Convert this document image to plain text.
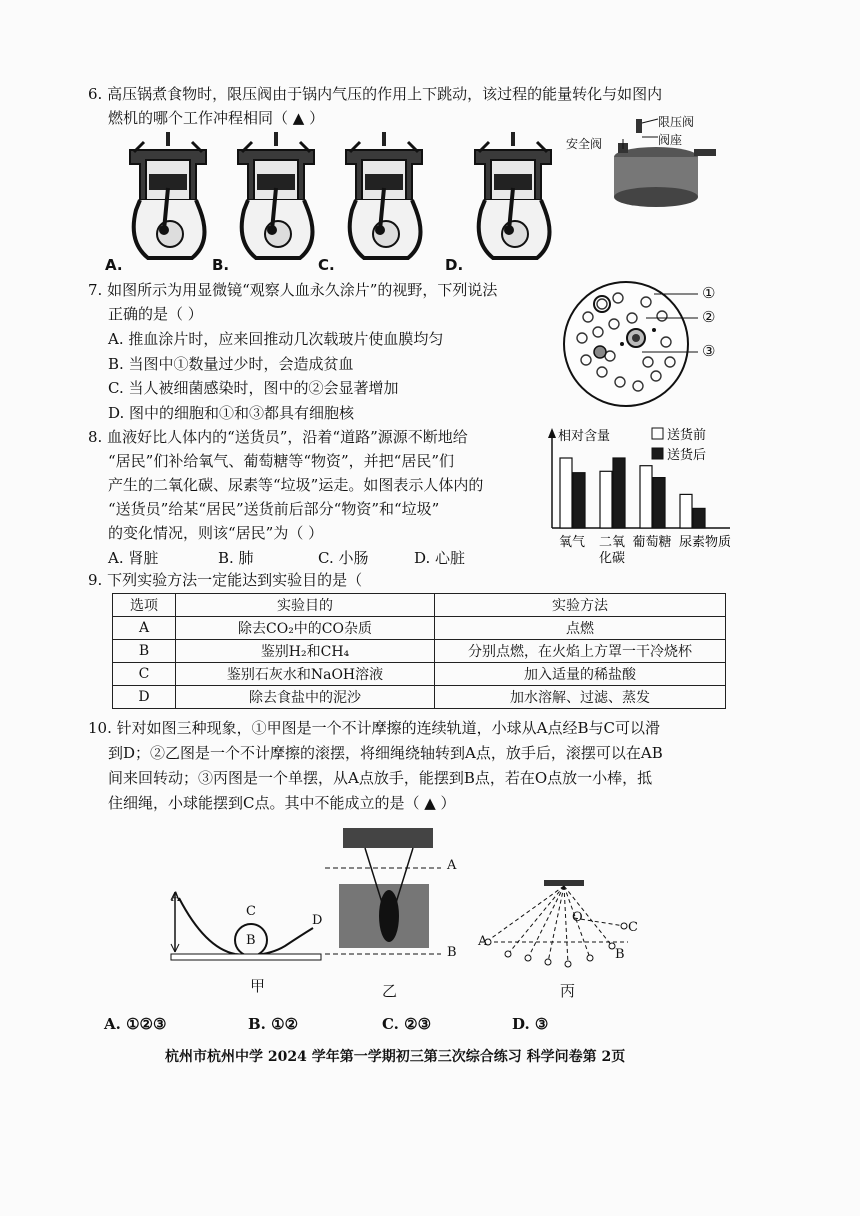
6. 高压锅煮食物时，限压阀由于锅内气压的作用上下跳动，该过程的能量转化与如图内
燃机的哪个工作冲程相同（ ▲ ）
A.	B.	C.	D.
限压阀
阀座
安全阀
7. 如图所示为用显微镜“观察人血永久涂片”的视野，下列说法
正确的是（ ）
A. 推血涂片时，应来回推动几次载玻片使血膜均匀
B. 当图中①数量过少时，会造成贫血
C. 当人被细菌感染时，图中的②会显著增加
D. 图中的细胞和①和③都具有细胞核
①
②
③
8. 血液好比人体内的“送货员”，沿着“道路”源源不断地给
“居民”们补给氧气、葡萄糖等“物资”，并把“居民”们
产生的二氧化碳、尿素等“垃圾”运走。如图表示人体内的
“送货员”给某“居民”送货前后部分“物资”和“垃圾”
的变化情况，则该“居民”为（ ）
A. 肾脏	B. 肺	C. 小肠	D. 心脏
相对含量	送货前
送货后
氧气 二氧
化碳
葡萄糖 尿素 物质
9. 下列实验方法一定能达到实验目的是（
选项	实验目的	实验方法
A	除去CO₂中的CO杂质	点燃
B	鉴别H₂和CH₄	分别点燃，在火焰上方罩一干冷烧杯
C	鉴别石灰水和NaOH溶液	加入适量的稀盐酸
D	除去食盐中的泥沙	加水溶解、过滤、蒸发
10. 针对如图三种现象，①甲图是一个不计摩擦的连续轨道，小球从A点经B与C可以滑
到D；②乙图是一个不计摩擦的滚摆，将细绳绕轴转到A点，放手后，滚摆可以在AB
间来回转动；③丙图是一个单摆，从A点放手，能摆到B点，若在O点放一小棒，抵
住细绳，小球能摆到C点。其中不能成立的是（ ▲ ）
A
C
B
D
甲
A
B
乙
A
B
C
O
丙
A. ①②③	B. ①②	C. ②③	D. ③
杭州市杭州中学 2024 学年第一学期初三第三次综合练习 科学问卷第 2页
